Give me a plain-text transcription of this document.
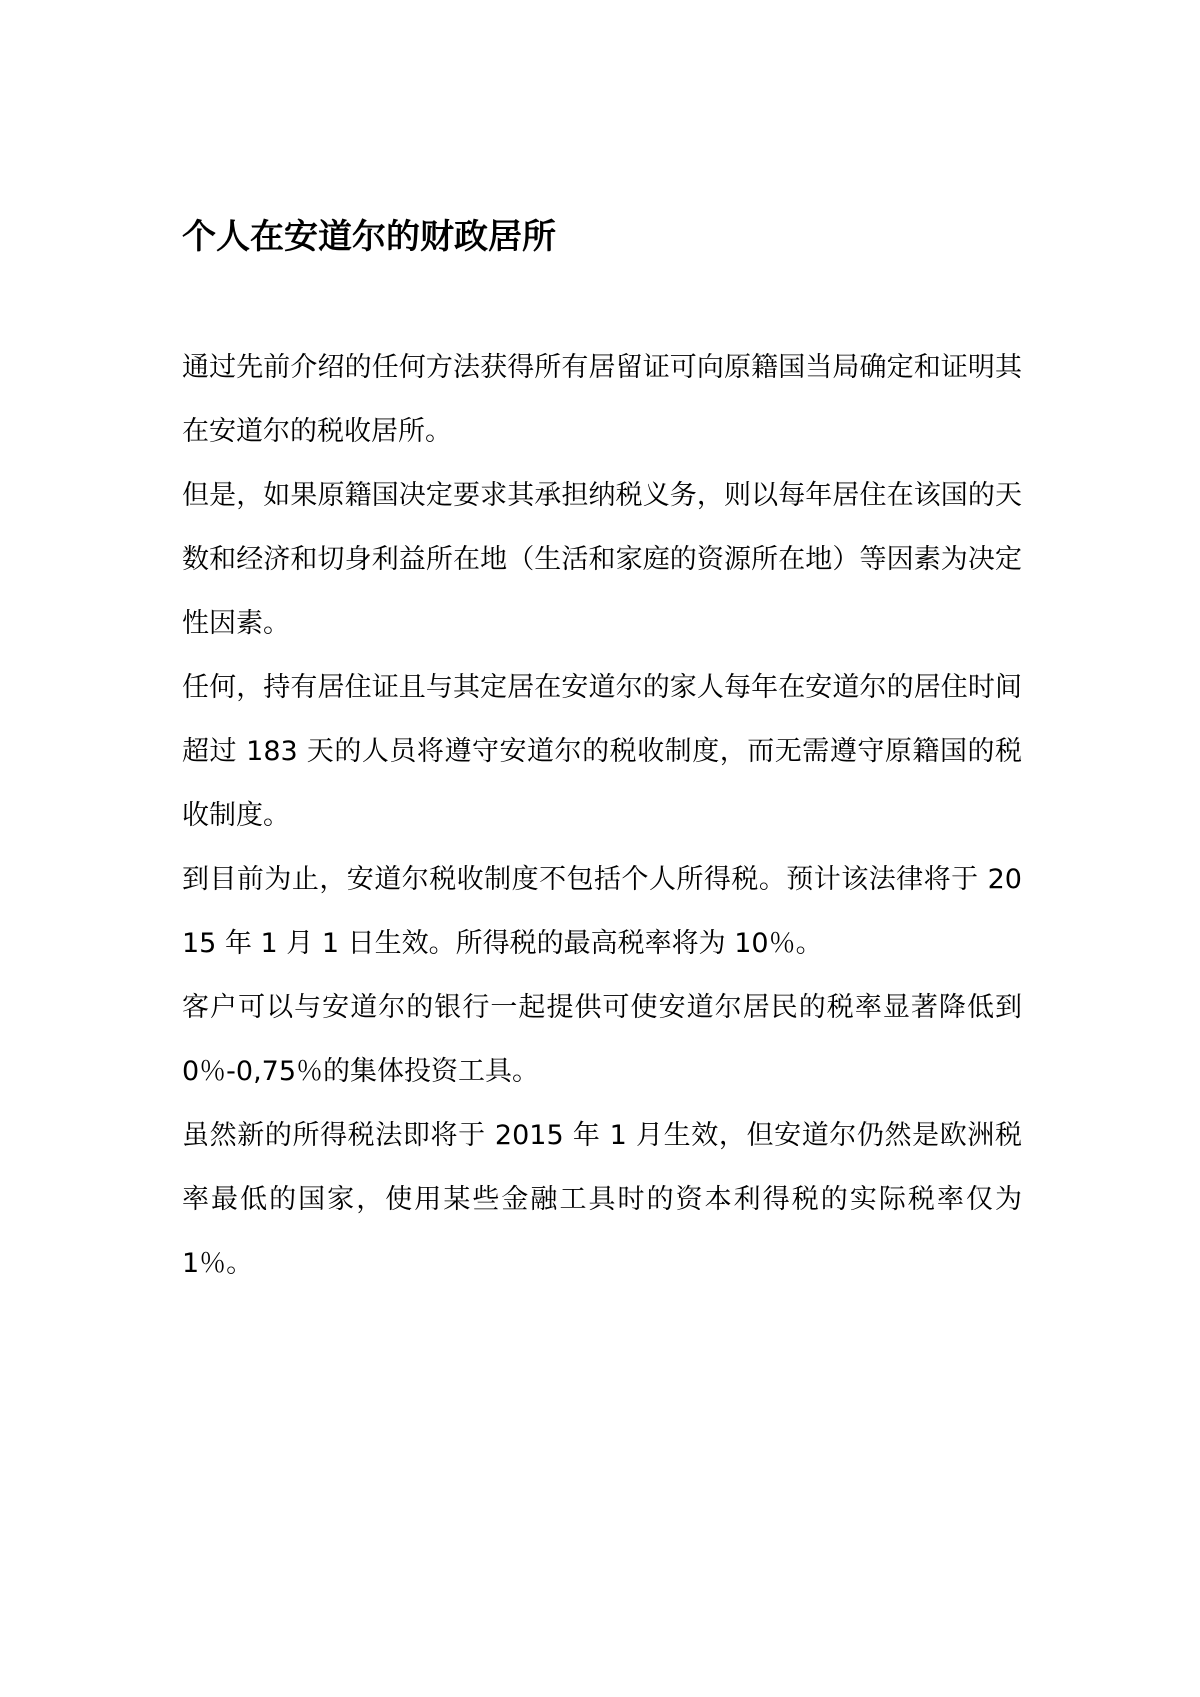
个人在安道尔的财政居所

通过先前介绍的任何方法获得所有居留证可向原籍国当局确定和证明其在安道尔的税收居所。

但是，如果原籍国决定要求其承担纳税义务，则以每年居住在该国的天数和经济和切身利益所在地（生活和家庭的资源所在地）等因素为决定性因素。

任何，持有居住证且与其定居在安道尔的家人每年在安道尔的居住时间超过 183 天的人员将遵守安道尔的税收制度，而无需遵守原籍国的税收制度。

到目前为止，安道尔税收制度不包括个人所得税。预计该法律将于 2015 年 1 月 1 日生效。所得税的最高税率将为 10％。

客户可以与安道尔的银行一起提供可使安道尔居民的税率显著降低到 0％-0,75％的集体投资工具。

虽然新的所得税法即将于 2015 年 1 月生效，但安道尔仍然是欧洲税率最低的国家，使用某些金融工具时的资本利得税的实际税率仅为 1％。
